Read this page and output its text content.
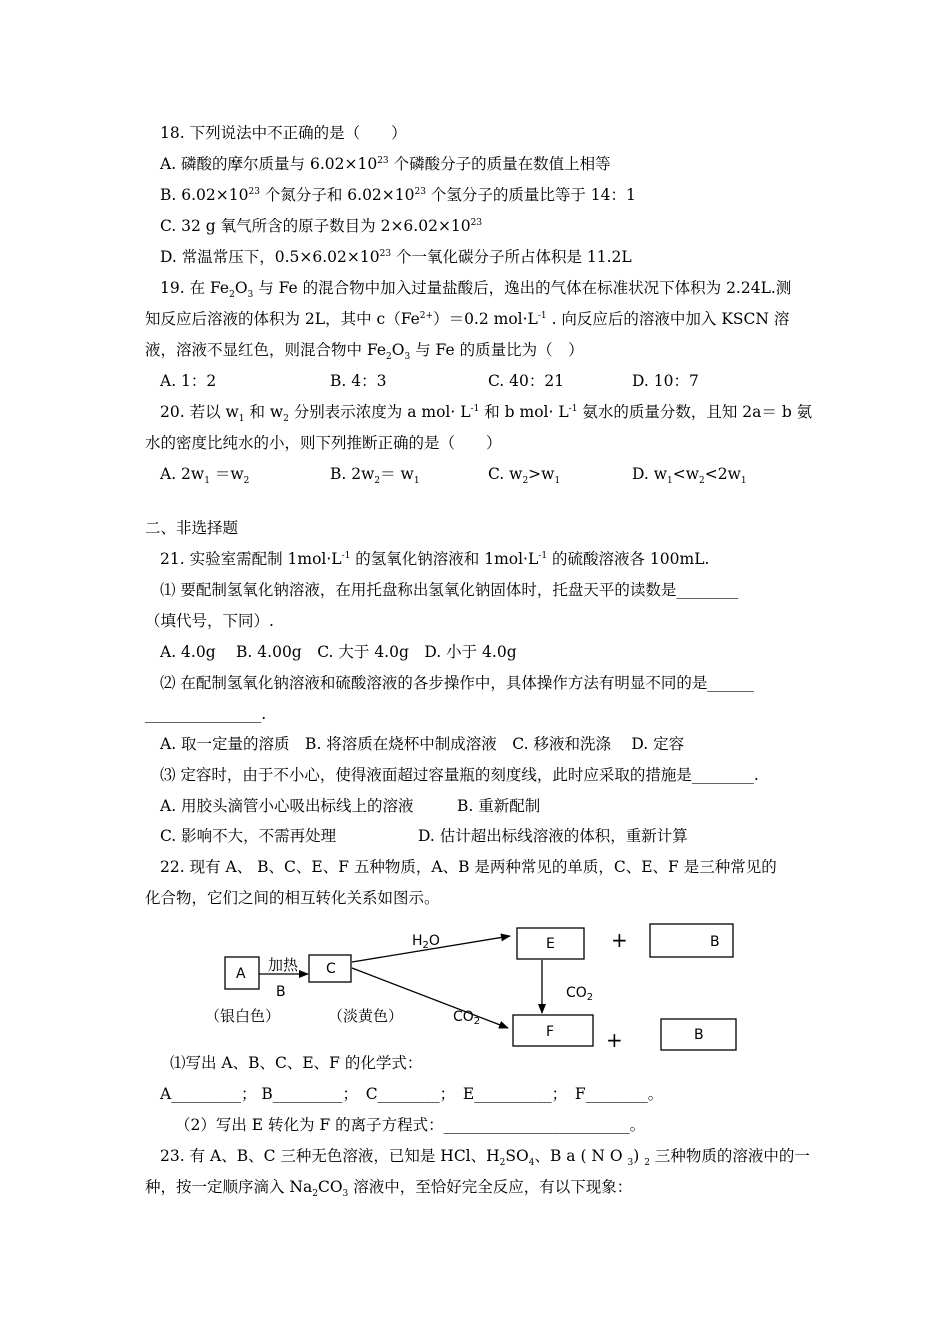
18. 下列说法中不正确的是（　　）
A. 磷酸的摩尔质量与 $6.02\times 10^{23}$ 个磷酸分子的质量在数值上相等
B. $6.02\times 10^{23}$ 个氮分子和 $6.02\times 10^{23}$ 个氢分子的质量比等于 14：1
C. 32 g 氧气所含的原子数目为 $2\times 6.02\times 10^{23}$
D. 常温常压下，$0.5\times 6.02\times 10^{23}$ 个一氧化碳分子所占体积是 11.2L
19. 在 $Fe_2O_3$ 与 Fe 的混合物中加入过量盐酸后，逸出的气体在标准状况下体积为 2.24L.测
知反应后溶液的体积为 2L，其中 $c(Fe^{2+})=0.2$ $mol\cdot L^{-1}$ . 向反应后的溶液中加入 KSCN 溶
液，溶液不显红色，则混合物中 $Fe_2O_3$ 与 Fe 的质量比为（　）
A. 1：2	B. 4：3	C. 40：21	D. 10：7
20. 若以 $w_1$ 和 $w_2$ 分别表示浓度为 a $mol\cdot L^{-1}$ 和 b $mol\cdot L^{-1}$ 氨水的质量分数，且知 2a＝ b 氨
水的密度比纯水的小，则下列推断正确的是（　　）
A. $2w_1 =w_2$	B. $2w_2= w_1$	C. $w_2>w_1$	D. $w_1<w_2<2w_1$
二、非选择题
21. 实验室需配制 $1mol\cdot L^{-1}$ 的氢氧化钠溶液和 $1mol\cdot L^{-1}$ 的硫酸溶液各 100mL.
⑴ 要配制氢氧化钠溶液，在用托盘称出氢氧化钠固体时，托盘天平的读数是________
（填代号，下同）.
A. 4.0g　 B. 4.00g　C. 大于 4.0g　D. 小于 4.0g
⑵ 在配制氢氧化钠溶液和硫酸溶液的各步操作中，具体操作方法有明显不同的是______
_______________.
A. 取一定量的溶质　B. 将溶质在烧杯中制成溶液　C. 移液和洗涤　 D. 定容
⑶ 定容时，由于不小心，使得液面超过容量瓶的刻度线，此时应采取的措施是________.
A. 用胶头滴管小心吸出标线上的溶液	B. 重新配制
C. 影响不大，不需再处理	D. 估计超出标线溶液的体积，重新计算
22. 现有 A、 B、C、E、F 五种物质，A、B 是两种常见的单质，C、E、F 是三种常见的
化合物，它们之间的相互转化关系如图示。
A 加热
B
C
$H_2O$
$CO_2$
E	+	B
$CO_2$
F	+	B
（银白色）	（淡黄色）
⑴写出 A、B、C、E、F 的化学式：
A_________； B_________；　C________；　E__________；　F________。
（2）写出 E 转化为 F 的离子方程式：________________________。
23. 有 A、B、C 三种无色溶液，已知是 HCl、$H_2SO_4$、B a ( N O $_3$) $_2$ 三种物质的溶液中的一
种，按一定顺序滴入 $Na_2CO_3$ 溶液中，至恰好完全反应，有以下现象：
